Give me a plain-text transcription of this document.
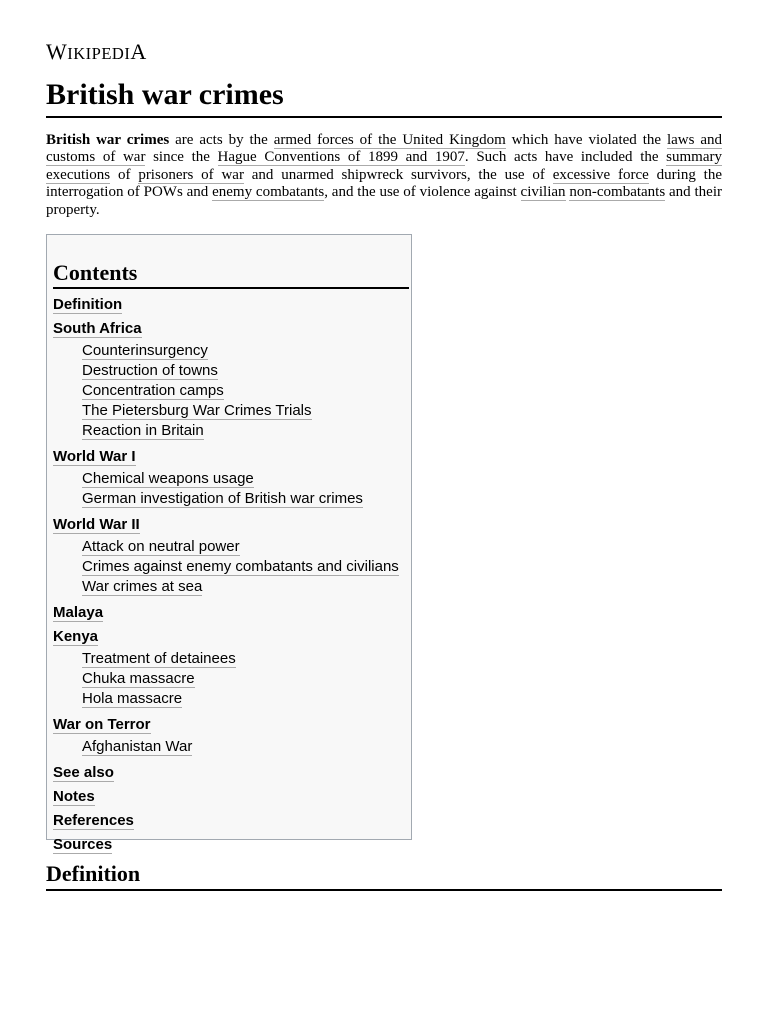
WIKIPEDIA
British war crimes

British war crimes are acts by the armed forces of the United Kingdom which have violated the laws and customs of war since the Hague Conventions of 1899 and 1907. Such acts have included the summary executions of prisoners of war and unarmed shipwreck survivors, the use of excessive force during the interrogation of POWs and enemy combatants, and the use of violence against civilian non-combatants and their property.

Contents
Definition
South Africa
Counterinsurgency
Destruction of towns
Concentration camps
The Pietersburg War Crimes Trials
Reaction in Britain
World War I
Chemical weapons usage
German investigation of British war crimes
World War II
Attack on neutral power
Crimes against enemy combatants and civilians
War crimes at sea
Malaya
Kenya
Treatment of detainees
Chuka massacre
Hola massacre
War on Terror
Afghanistan War
See also
Notes
References
Sources
Definition
